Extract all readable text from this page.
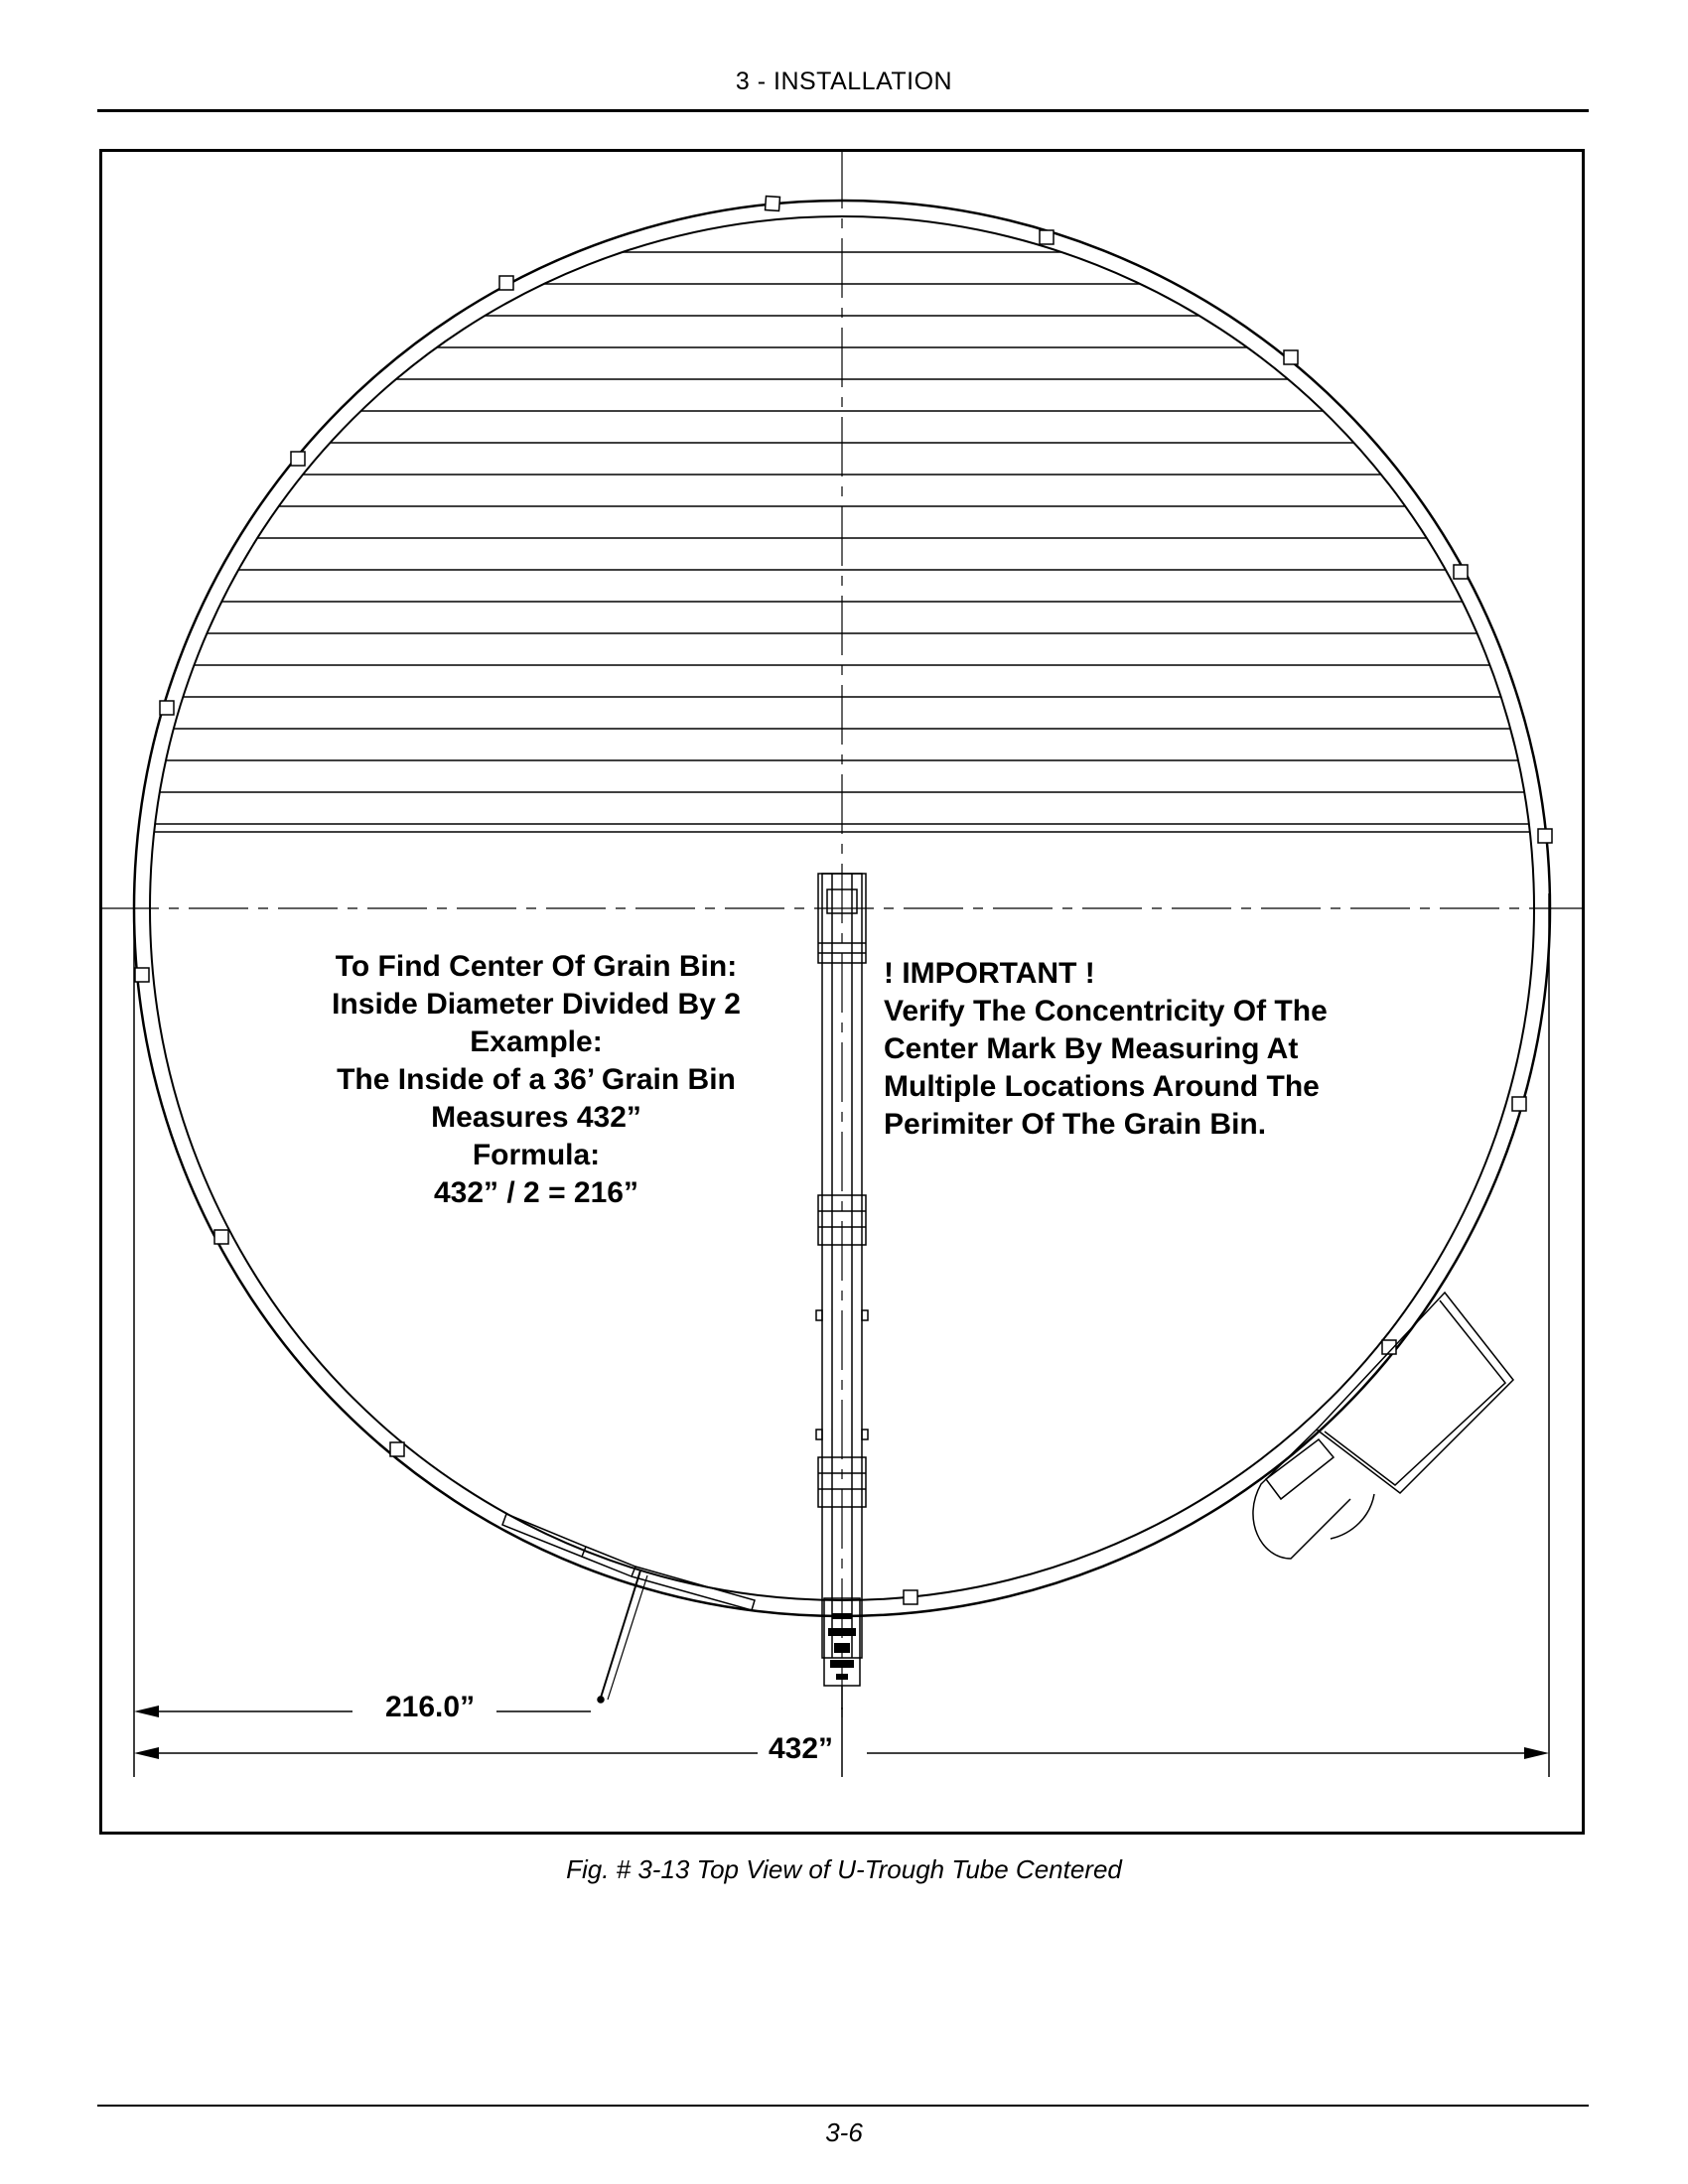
3 - INSTALLATION
To Find Center Of Grain Bin:
Inside Diameter Divided By 2
Example:
The Inside of a 36’ Grain Bin
Measures 432”
Formula:
432” / 2 = 216”
! IMPORTANT !
Verify The Concentricity Of The
Center Mark By Measuring At
Multiple Locations Around The
Perimiter Of The Grain Bin.
216.0”
432”
Fig. # 3-13 Top View of U-Trough Tube Centered
3-6
